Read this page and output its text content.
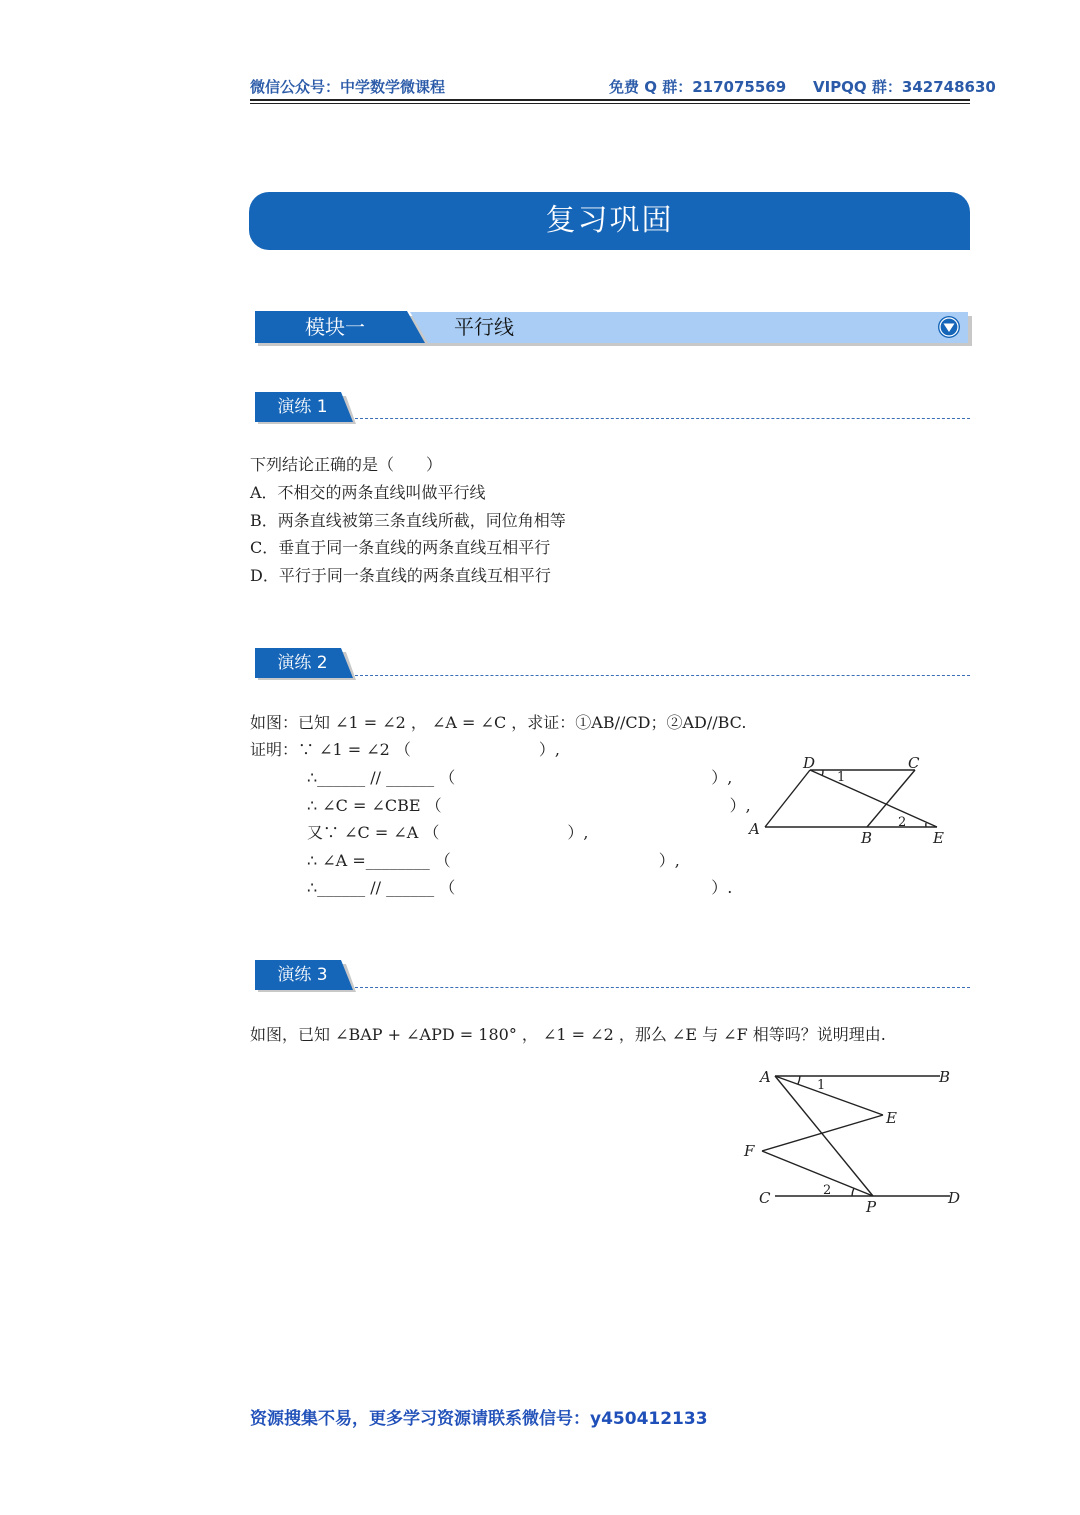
微信公众号：中学数学微课程	免费 Q 群：217075569 VIPQQ 群：342748630
复习巩固
模块一	平行线
演练 1
下列结论正确的是（　　）
A．不相交的两条直线叫做平行线
B．两条直线被第三条直线所截，同位角相等
C．垂直于同一条直线的两条直线互相平行
D．平行于同一条直线的两条直线互相平行
演练 2
如图：已知 ∠1 = ∠2 ， ∠A = ∠C ，求证：①AB//CD；②AD//BC.
证明：∵ ∠1 = ∠2 （　　　　　　　　）,
∴______ // ______ （　　　　　　　　　　　　　　　　）,
∴ ∠C = ∠CBE （　　　　　　　　　　　　　　　　　　）,
又∵ ∠C = ∠A （　　　　　　　　）,
∴ ∠A =________ （　　　　　　　　　　　　　）,
∴______ // ______ （　　　　　　　　　　　　　　　　）.
D	C
A	B	E
1
2
演练 3
如图，已知 ∠BAP + ∠APD = 180° ， ∠1 = ∠2 ，那么 ∠E 与 ∠F 相等吗？说明理由.
A	B
E
F
C	D
P
1
2
资源搜集不易，更多学习资源请联系微信号：y450412133
